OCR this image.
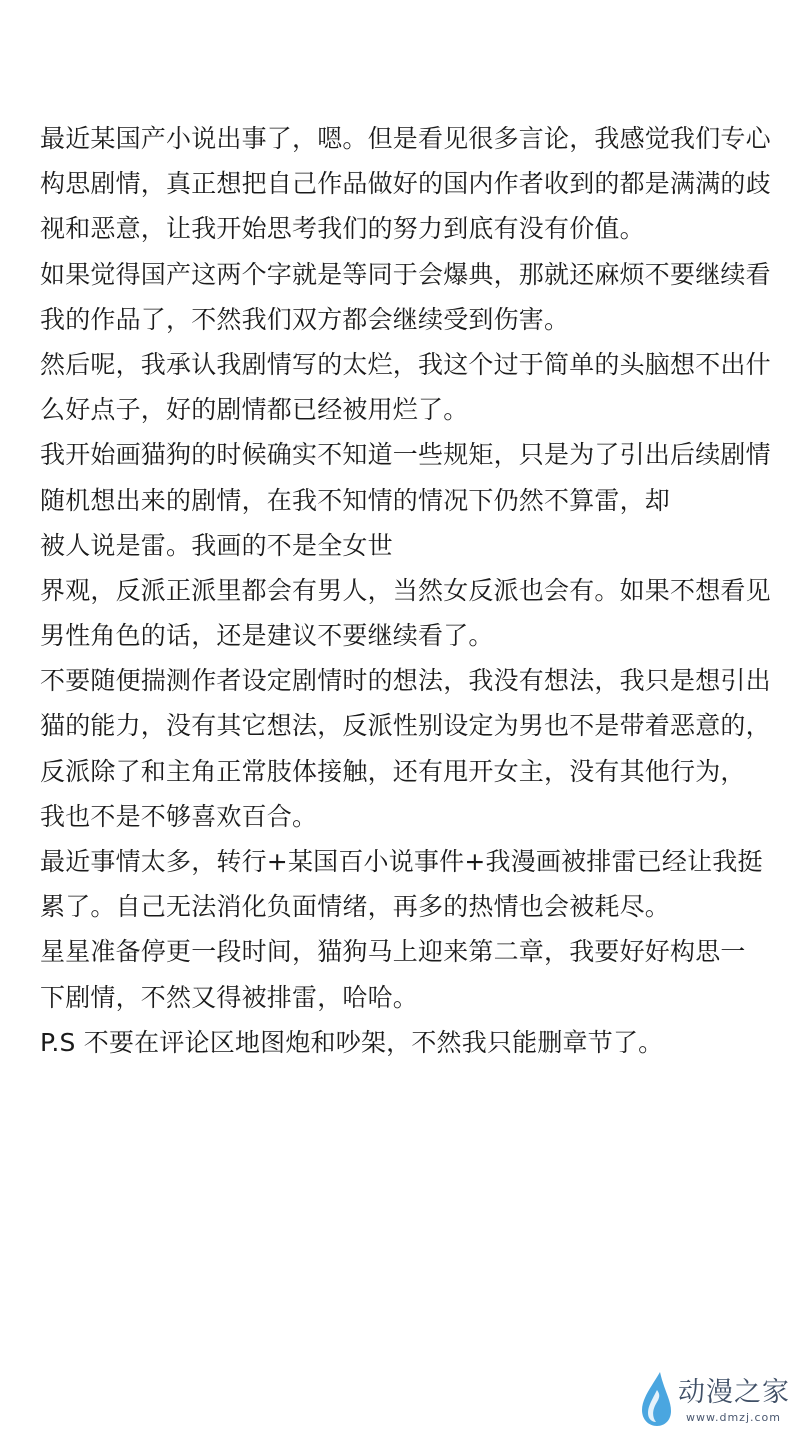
最近某国产小说出事了，嗯。但是看见很多言论，我感觉我们专心
构思剧情，真正想把自己作品做好的国内作者收到的都是满满的歧
视和恶意，让我开始思考我们的努力到底有没有价值。
如果觉得国产这两个字就是等同于会爆典，那就还麻烦不要继续看
我的作品了，不然我们双方都会继续受到伤害。
然后呢，我承认我剧情写的太烂，我这个过于简单的头脑想不出什
么好点子，好的剧情都已经被用烂了。
我开始画猫狗的时候确实不知道一些规矩，只是为了引出后续剧情
随机想出来的剧情，在我不知情的情况下仍然不算雷，却
被人说是雷。我画的不是全女世
界观，反派正派里都会有男人，当然女反派也会有。如果不想看见
男性角色的话，还是建议不要继续看了。
不要随便揣测作者设定剧情时的想法，我没有想法，我只是想引出
猫的能力，没有其它想法，反派性别设定为男也不是带着恶意的，
反派除了和主角正常肢体接触，还有甩开女主，没有其他行为，
我也不是不够喜欢百合。
最近事情太多，转行+某国百小说事件+我漫画被排雷已经让我挺
累了。自己无法消化负面情绪，再多的热情也会被耗尽。
星星准备停更一段时间，猫狗马上迎来第二章，我要好好构思一
下剧情，不然又得被排雷，哈哈。
P.S 不要在评论区地图炮和吵架，不然我只能删章节了。
动漫之家
www.dmzj.com
